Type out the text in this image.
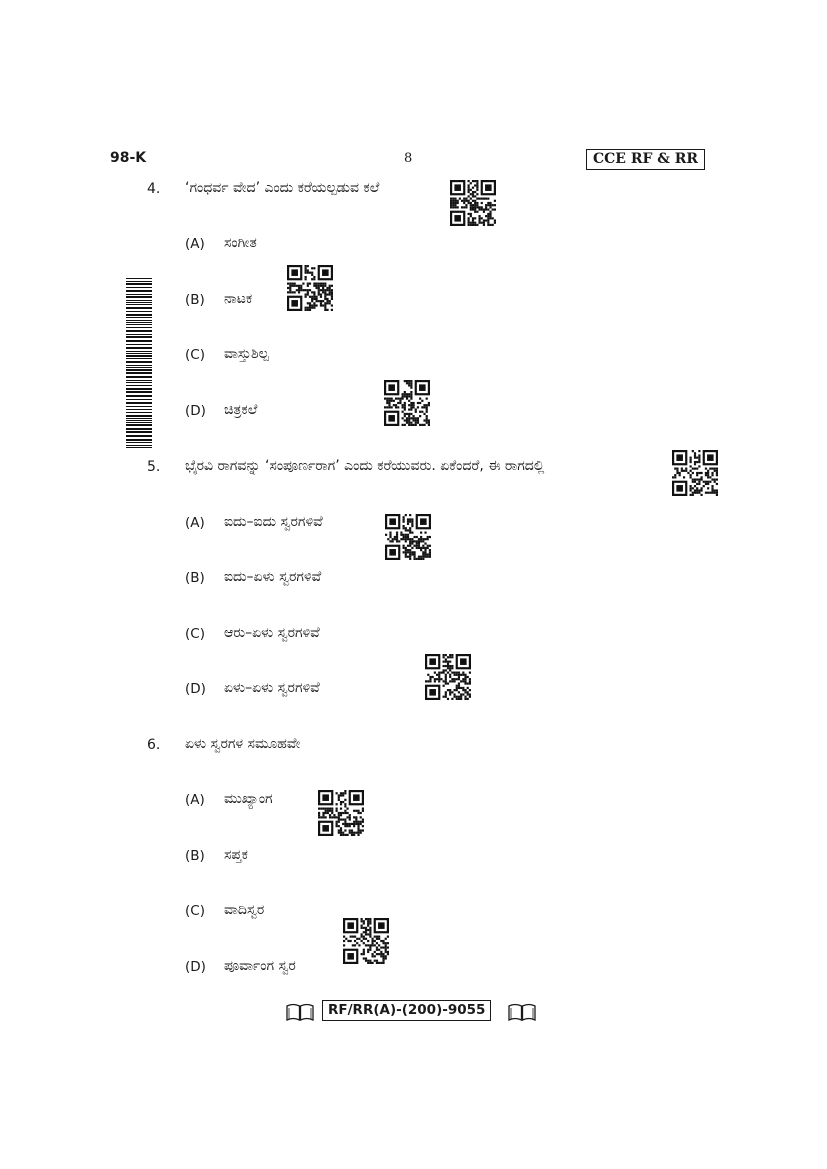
98-K	8	CCE RF & RR
4. ‘ಗಂಧರ್ವ ವೇದ’ ಎಂದು ಕರೆಯಲ್ಪಡುವ ಕಲೆ
(A) ಸಂಗೀತ
(B) ನಾಟಕ
(C) ವಾಸ್ತುಶಿಲ್ಪ
(D) ಚಿತ್ರಕಲೆ
5. ಭೈರವಿ ರಾಗವನ್ನು ‘ಸಂಪೂರ್ಣರಾಗ’ ಎಂದು ಕರೆಯುವರು. ಏಕೆಂದರೆ, ಈ ರಾಗದಲ್ಲಿ
(A) ಐದು–ಐದು ಸ್ವರಗಳಿವೆ
(B) ಐದು–ಏಳು ಸ್ವರಗಳಿವೆ
(C) ಆರು–ಏಳು ಸ್ವರಗಳಿವೆ
(D) ಏಳು–ಏಳು ಸ್ವರಗಳಿವೆ
6. ಏಳು ಸ್ವರಗಳ ಸಮೂಹವೇ
(A) ಮುಖ್ಯಾಂಗ
(B) ಸಪ್ತಕ
(C) ವಾದಿಸ್ವರ
(D) ಪೂರ್ವಾಂಗ ಸ್ವರ
RF/RR(A)-(200)-9055
